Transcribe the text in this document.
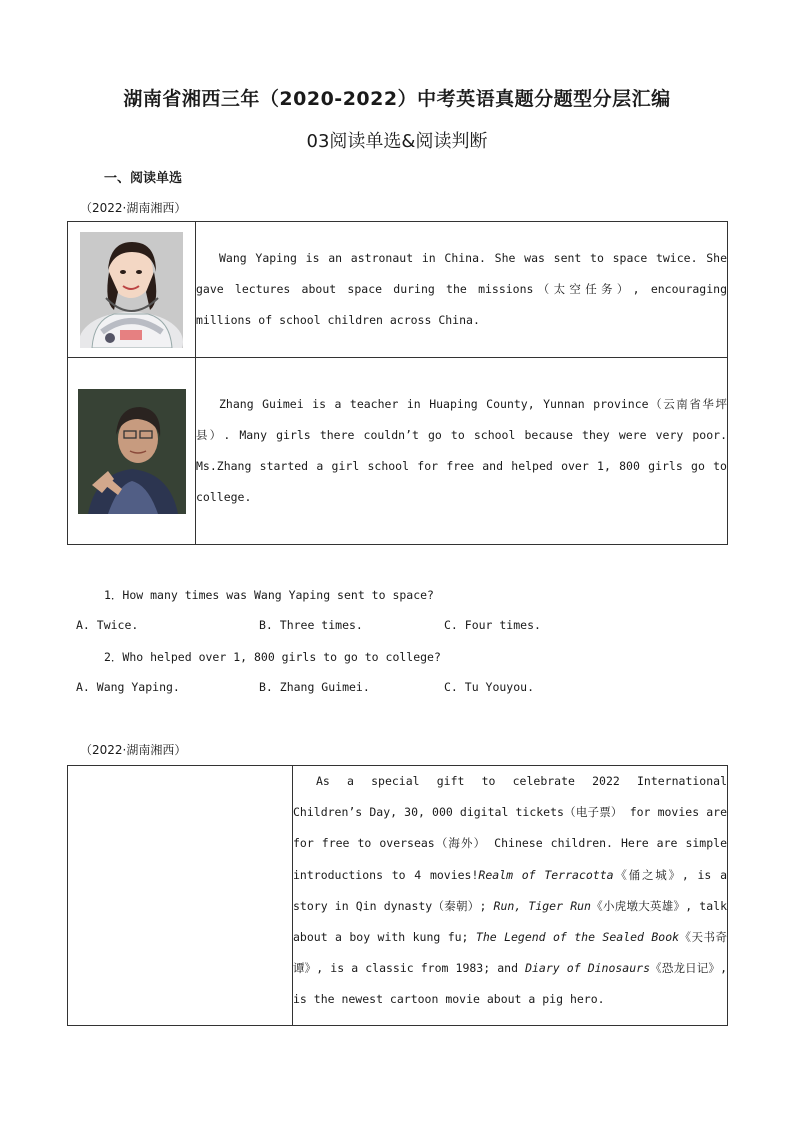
湖南省湘西三年（2020-2022）中考英语真题分题型分层汇编
03阅读单选&阅读判断
一、阅读单选
（2022·湖南湘西）

Wang Yaping is an astronaut in China. She was sent to space twice. She gave lectures about space during the missions（太空任务）, encouraging millions of school children across China.

Zhang Guimei is a teacher in Huaping County, Yunnan province（云南省华坪县）. Many girls there couldn’t go to school because they were very poor. Ms.Zhang started a girl school for free and helped over 1, 800 girls go to college.

1．How many times was Wang Yaping sent to space?
A. Twice.	B. Three times.	C. Four times.
2．Who helped over 1, 800 girls to go to college?
A. Wang Yaping.	B. Zhang Guimei.	C. Tu Youyou.
（2022·湖南湘西）

As a special gift to celebrate 2022 International Children’s Day, 30, 000 digital tickets（电子票） for movies are for free to overseas（海外） Chinese children. Here are simple introductions to 4 movies!Realm of Terracotta《俑之城》, is a story in Qin dynasty（秦朝）; Run, Tiger Run《小虎墩大英雄》, talk about a boy with kung fu; The Legend of the Sealed Book《天书奇谭》, is a classic from 1983; and Diary of Dinosaurs《恐龙日记》, is the newest cartoon movie about a pig hero.
